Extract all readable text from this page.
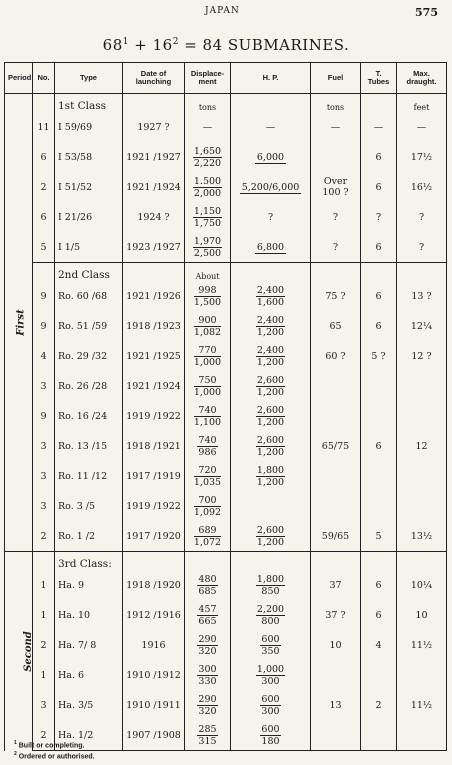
JAPAN	575
$68^1 + 16^2 = 84$ SUBMARINES.
Period	No.	Type	Date of launching	Displace-ment	H. P.	Fuel	T. Tubes	Max. draught.
First		1st Class		tons		tons		feet
	11	I 59/69	1927 ?	—	—	—	—	—
	6	I 53/58	1921 /1927	$\frac{1,650}{2,220}$	6,000		6	17½
	2	I 51/52	1921 /1924	$\frac{1.500}{2,000}$	5,200/6,000	Over 100 ?	6	16½
	6	I 21/26	1924 ?	$\frac{1,150}{1,750}$	?	?	?	?
	5	I 1/5	1923 /1927	$\frac{1,970}{2,500}$	6,800	?	6	?
		2nd Class		About				
	9	Ro. 60 /68	1921 /1926	$\frac{998}{1,500}$	$\frac{2,400}{1,600}$	75 ?	6	13 ?
	9	Ro. 51 /59	1918 /1923	$\frac{900}{1,082}$	$\frac{2,400}{1,200}$	65	6	12¼
	4	Ro. 29 /32	1921 /1925	$\frac{770}{1,000}$	$\frac{2,400}{1,200}$	60 ?	5 ?	12 ?
	3	Ro. 26 /28	1921 /1924	$\frac{750}{1,000}$	$\frac{2,600}{1,200}$

	9	Ro. 16 /24	1919 /1922	$\frac{740}{1,100}$	$\frac{2,600}{1,200}$

	3	Ro. 13 /15	1918 /1921	$\frac{740}{986}$	$\frac{2,600}{1,200}$	65/75	6	12
	3	Ro. 11 /12	1917 /1919	$\frac{720}{1,035}$	$\frac{1,800}{1,200}$

	3	Ro. 3 /5	1919 /1922	$\frac{700}{1,092}$

	2	Ro. 1 /2	1917 /1920	$\frac{689}{1,072}$	$\frac{2,600}{1,200}$	59/65	5	13½
Second		3rd Class:						
	1	Ha. 9	1918 /1920	$\frac{480}{685}$	$\frac{1,800}{850}$	37	6	10¼
	1	Ha. 10	1912 /1916	$\frac{457}{665}$	$\frac{2,200}{800}$	37 ?	6	10
	2	Ha. 7/ 8	1916	$\frac{290}{320}$	$\frac{600}{350}$	10	4	11½
	1	Ha. 6	1910 /1912	$\frac{300}{330}$	$\frac{1,000}{300}$

	3	Ha. 3/5	1910 /1911	$\frac{290}{320}$	$\frac{600}{300}$	13	2	11½
	2	Ha. 1/2	1907 /1908	$\frac{285}{315}$	$\frac{600}{180}$

$^1$ Built or completing.
$^2$ Ordered or authorised.
